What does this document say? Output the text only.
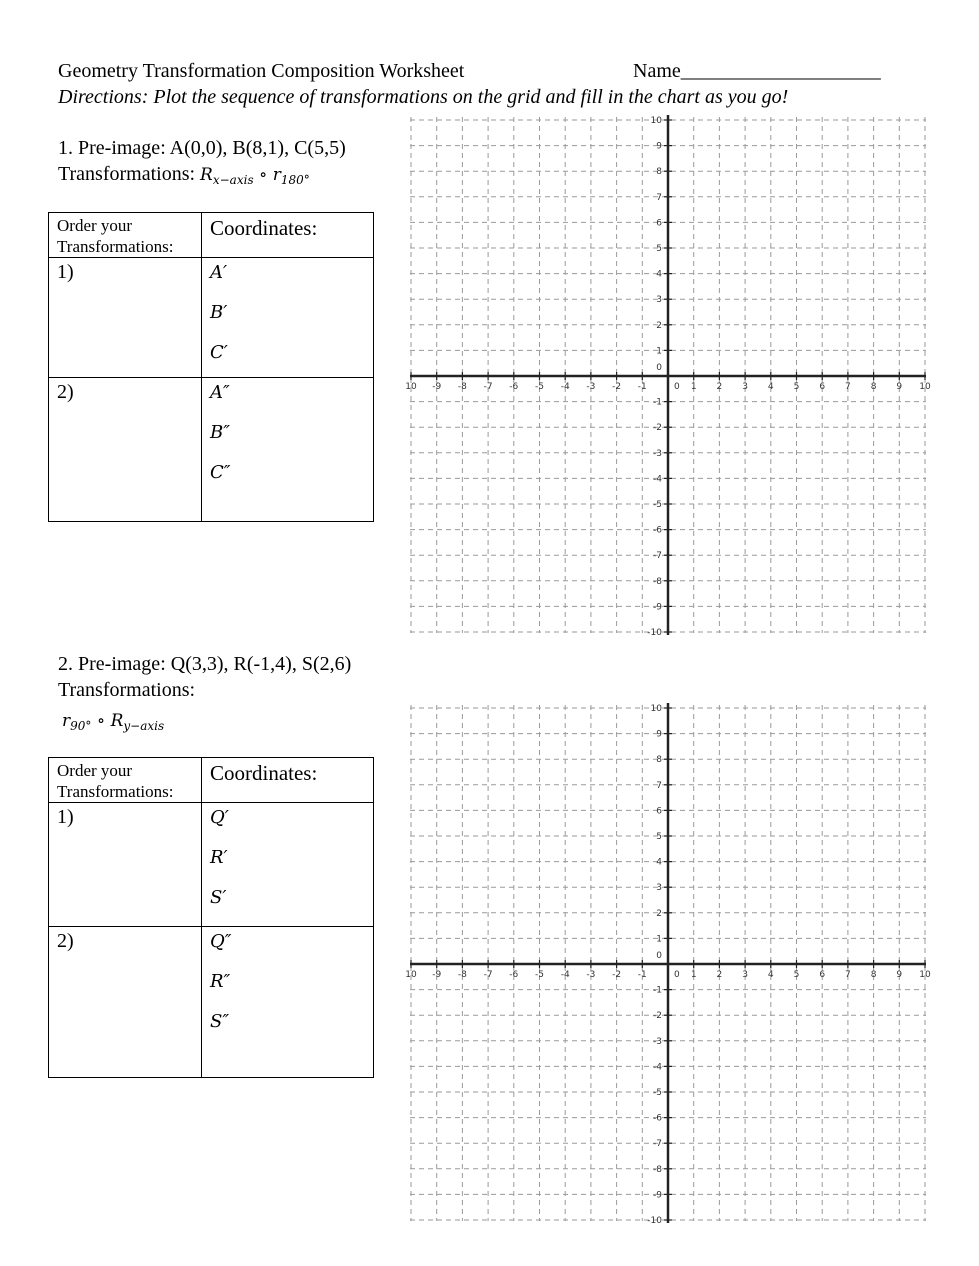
Geometry Transformation Composition Worksheet	Name____________________
Directions: Plot the sequence of transformations on the grid and fill in the chart as you go!
1. Pre-image: A(0,0), B(8,1), C(5,5)
Transformations: $R_{x-axis}$ ∘ $r_{180^\circ}$
Order your
Transformations:	Coordinates:

1)	A′
B′
C′

2)	A″
B″
C″
10 -9 -8 -7 -6 -5 -4 -3 -2 -1	0 1 2 3 4 5 6 7 8 9 10
10
9
8
7
6
5
4
3
2
1
0
-1
-2
-3
-4
-5
-6
-7
-8
-9
-10
2. Pre-image: Q(3,3), R(-1,4), S(2,6)
Transformations:
$r_{90^\circ}$ ∘ $R_{y-axis}$
Order your
Transformations:	Coordinates:

1)	Q′
R′
S′

2)	Q″
R″
S″
10 -9 -8 -7 -6 -5 -4 -3 -2 -1	0 1 2 3 4 5 6 7 8 9 10
10
9
8
7
6
5
4
3
2
1
0
-1
-2
-3
-4
-5
-6
-7
-8
-9
-10
